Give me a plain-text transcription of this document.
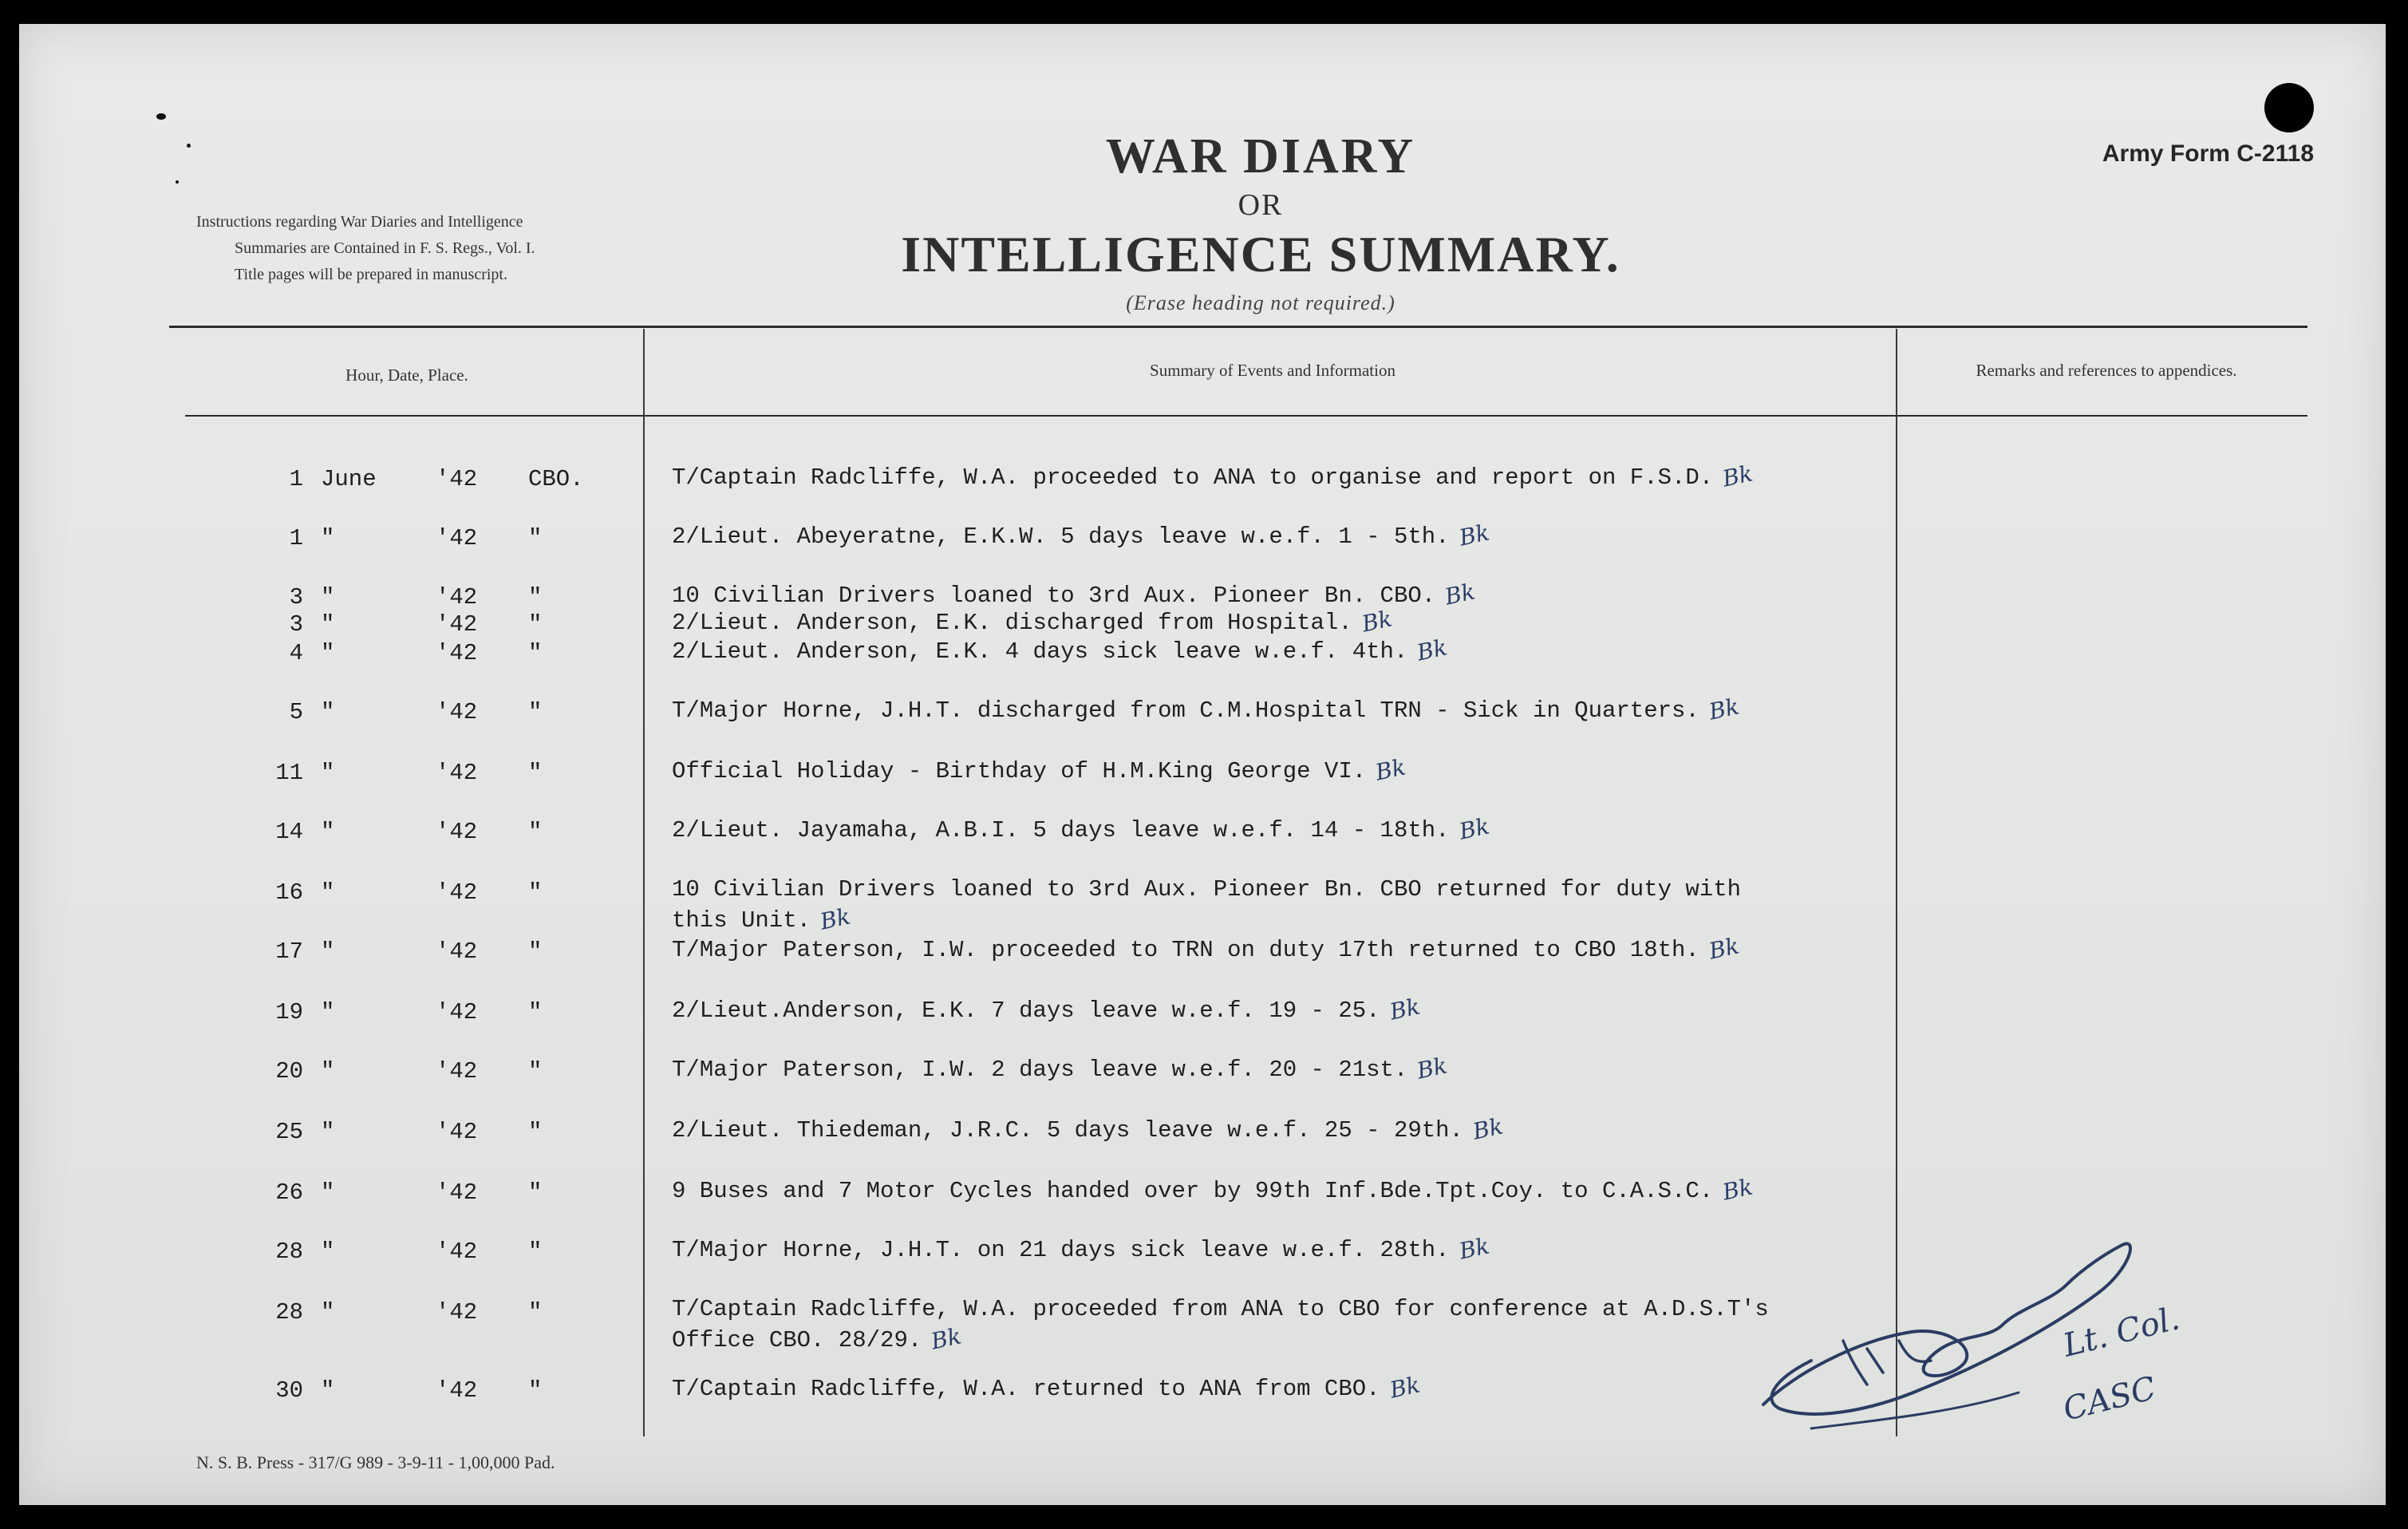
Instructions regarding War Diaries and Intelligence
Summaries are Contained in F. S. Regs., Vol. I.
Title pages will be prepared in manuscript.
WAR DIARY
OR
INTELLIGENCE SUMMARY.
(Erase heading not required.)
Army Form C-2118
Hour, Date, Place.	Summary of Events and Information	Remarks and references to appendices.
1 June	'42 CBO.	T/Captain Radcliffe, W.A. proceeded to ANA to organise and report on F.S.D. Bk
1 "	'42 "	2/Lieut. Abeyeratne, E.K.W. 5 days leave w.e.f. 1 - 5th. Bk
3 "	'42 "	10 Civilian Drivers loaned to 3rd Aux. Pioneer Bn. CBO. Bk
3 "	'42 "	2/Lieut. Anderson, E.K. discharged from Hospital. Bk
4 "	'42 "	2/Lieut. Anderson, E.K. 4 days sick leave w.e.f. 4th. Bk
5 "	'42 "	T/Major Horne, J.H.T. discharged from C.M.Hospital TRN - Sick in Quarters. Bk
11 "	'42 "	Official Holiday - Birthday of H.M.King George VI. Bk
14 "	'42 "	2/Lieut. Jayamaha, A.B.I. 5 days leave w.e.f. 14 - 18th. Bk
16 "	'42 "	10 Civilian Drivers loaned to 3rd Aux. Pioneer Bn. CBO returned for duty with
this Unit. Bk
17 "	'42 "	T/Major Paterson, I.W. proceeded to TRN on duty 17th returned to CBO 18th. Bk
19 "	'42 "	2/Lieut.Anderson, E.K. 7 days leave w.e.f. 19 - 25. Bk
20 "	'42 "	T/Major Paterson, I.W. 2 days leave w.e.f. 20 - 21st. Bk
25 "	'42 "	2/Lieut. Thiedeman, J.R.C. 5 days leave w.e.f. 25 - 29th. Bk
26 "	'42 "	9 Buses and 7 Motor Cycles handed over by 99th Inf.Bde.Tpt.Coy. to C.A.S.C. Bk
28 "	'42 "	T/Major Horne, J.H.T. on 21 days sick leave w.e.f. 28th. Bk
28 "	'42 "	T/Captain Radcliffe, W.A. proceeded from ANA to CBO for conference at A.D.S.T's
Office CBO. 28/29. Bk
30 "	'42 "	T/Captain Radcliffe, W.A. returned to ANA from CBO. Bk
Lt. Col.
CASC
N. S. B. Press - 317/G 989 - 3-9-11 - 1,00,000 Pad.
